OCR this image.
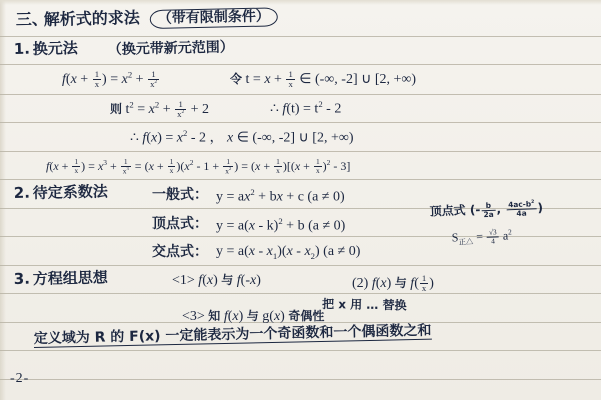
三、
解析式的求法	（带有限制条件）
1. 换元法 （换元带新元范围）
$f(x + \frac{1}{x}$ ) = $x^2 + \frac{1}{x^2}$	令 $t = x + \frac{1}{x}$ ∈ (-∞, -2] ∪ [2, +∞)
则 $t^2 = x^2 + \frac{1}{x^2} + 2$	∴ $f(t) = t^2 - 2$
∴ $f(x) = x^2 - 2$ ， x ∈ (-∞, -2] ∪ [2, +∞)
$f(x + \frac{1}{x}$ ) = $x^3 + \frac{1}{x^3} = (x + \frac{1}{x} )(x^2 - 1 + \frac{1}{x^2}$ ) = $(x + \frac{1}{x} )[(x + \frac{1}{x} )^2 - 3]$
2. 待定系数法	一般式： $y = ax^2$ + bx + c (a ≠ 0)
顶点式： y = a(x - k)$^2$ + b (a ≠ 0)
交点式： $y = a(x - x_1)(x - x_2)$ (a ≠ 0)
顶点式 (- $\frac{b}{2a}$ , $\frac{4ac-b^2}{4a}$ )
$S_{正\triangle} = \frac{√3}{4} a^2$
3. 方程组思想	<1> f(x) 与 f(-x)	(2) f(x) 与 $f( \frac{1}{x}$ )
把 x 用 … 替换
<3> 知 f(x) 与 g(x) 奇偶性
定义域为 R 的 F(x) 一定能表示为一个奇函数和一个偶函数之和
-2-
